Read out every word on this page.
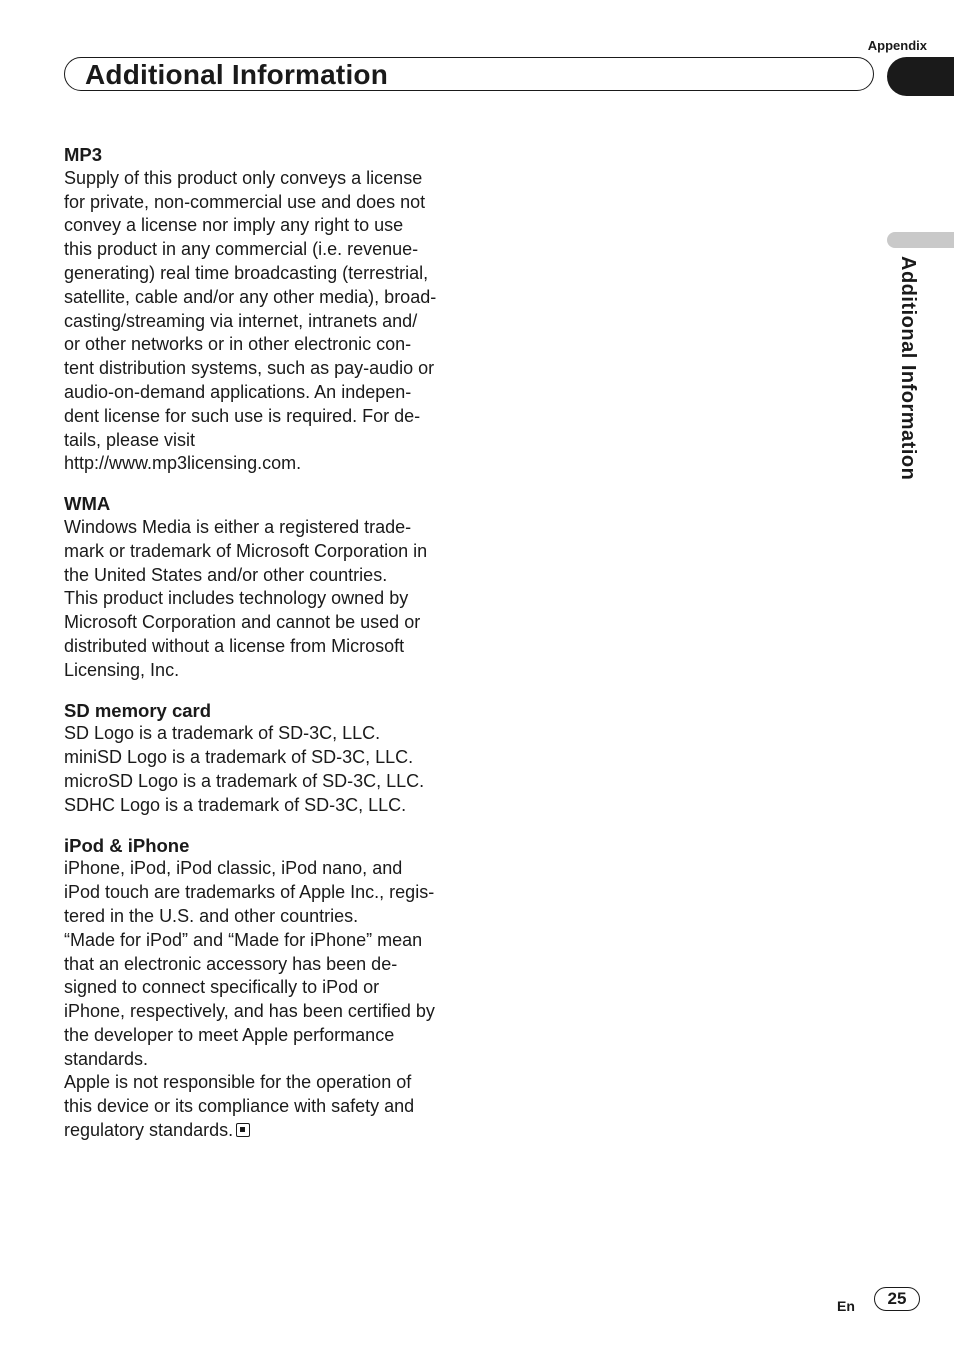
Appendix
Additional Information
Additional Information
MP3

Supply of this product only conveys a license
for private, non-commercial use and does not
convey a license nor imply any right to use
this product in any commercial (i.e. revenue-
generating) real time broadcasting (terrestrial,
satellite, cable and/or any other media), broad-
casting/streaming via internet, intranets and/
or other networks or in other electronic con-
tent distribution systems, such as pay-audio or
audio-on-demand applications. An indepen-
dent license for such use is required. For de-
tails, please visit
http://www.mp3licensing.com.

WMA

Windows Media is either a registered trade-
mark or trademark of Microsoft Corporation in
the United States and/or other countries.
This product includes technology owned by
Microsoft Corporation and cannot be used or
distributed without a license from Microsoft
Licensing, Inc.

SD memory card

SD Logo is a trademark of SD-3C, LLC.
miniSD Logo is a trademark of SD-3C, LLC.
microSD Logo is a trademark of SD-3C, LLC.
SDHC Logo is a trademark of SD-3C, LLC.

iPod & iPhone

iPhone, iPod, iPod classic, iPod nano, and
iPod touch are trademarks of Apple Inc., regis-
tered in the U.S. and other countries.
“Made for iPod” and “Made for iPhone” mean
that an electronic accessory has been de-
signed to connect specifically to iPod or
iPhone, respectively, and has been certified by
the developer to meet Apple performance
standards.
Apple is not responsible for the operation of
this device or its compliance with safety and
regulatory standards.

En	25
